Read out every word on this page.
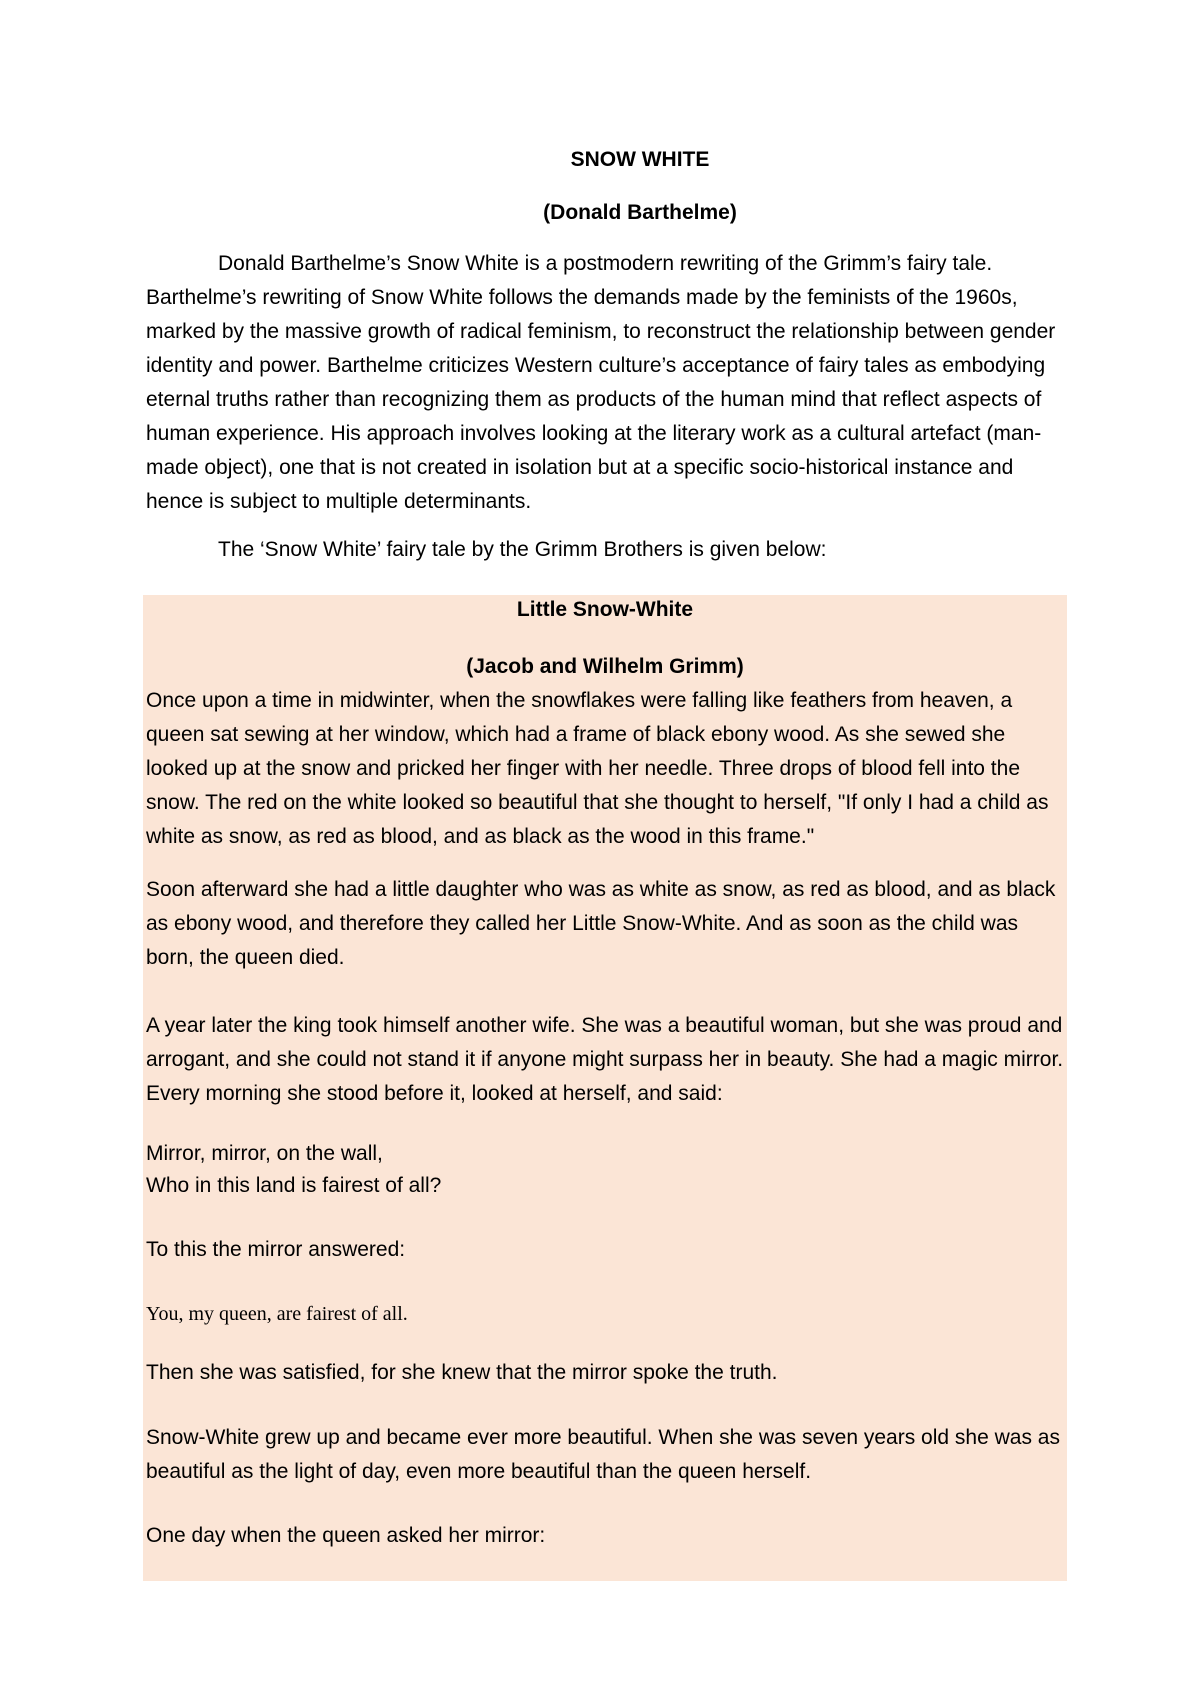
SNOW WHITE

(Donald Barthelme)

Donald Barthelme’s Snow White is a postmodern rewriting of the Grimm’s fairy tale. Barthelme’s rewriting of Snow White follows the demands made by the feminists of the 1960s, marked by the massive growth of radical feminism, to reconstruct the relationship between gender identity and power. Barthelme criticizes Western culture’s acceptance of fairy tales as embodying eternal truths rather than recognizing them as products of the human mind that reflect aspects of human experience. His approach involves looking at the literary work as a cultural artefact (man-made object), one that is not created in isolation but at a specific socio-historical instance and hence is subject to multiple determinants.

The ‘Snow White’ fairy tale by the Grimm Brothers is given below:

Little Snow-White

(Jacob and Wilhelm Grimm)

Once upon a time in midwinter, when the snowflakes were falling like feathers from heaven, a queen sat sewing at her window, which had a frame of black ebony wood. As she sewed she looked up at the snow and pricked her finger with her needle. Three drops of blood fell into the snow. The red on the white looked so beautiful that she thought to herself, "If only I had a child as white as snow, as red as blood, and as black as the wood in this frame."

Soon afterward she had a little daughter who was as white as snow, as red as blood, and as black as ebony wood, and therefore they called her Little Snow-White. And as soon as the child was born, the queen died.

A year later the king took himself another wife. She was a beautiful woman, but she was proud and arrogant, and she could not stand it if anyone might surpass her in beauty. She had a magic mirror. Every morning she stood before it, looked at herself, and said:

Mirror, mirror, on the wall,

Who in this land is fairest of all?

To this the mirror answered:

You, my queen, are fairest of all.

Then she was satisfied, for she knew that the mirror spoke the truth.

Snow-White grew up and became ever more beautiful. When she was seven years old she was as beautiful as the light of day, even more beautiful than the queen herself.

One day when the queen asked her mirror:
